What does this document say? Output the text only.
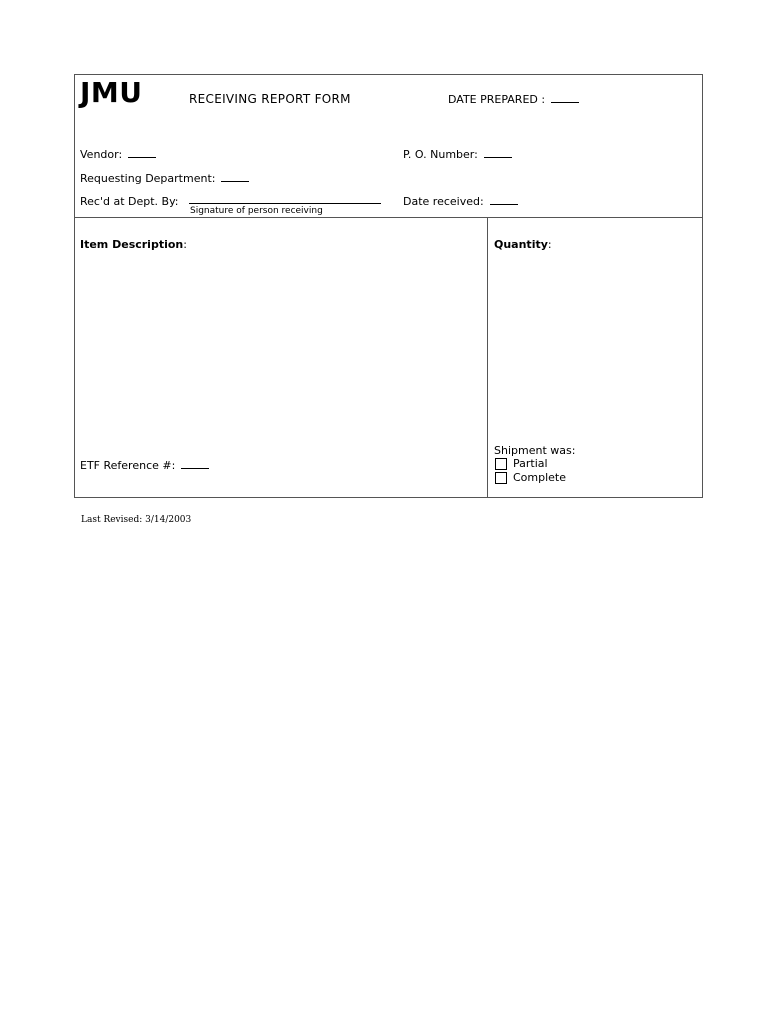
JMU	RECEIVING REPORT FORM	DATE PREPARED :
Vendor:	P. O. Number:
Requesting Department:
Rec'd at Dept. By:
Signature of person receiving
Date received:
Item Description:	Quantity:
ETF Reference #:
Shipment was:
Partial
Complete
Last Revised: 3/14/2003
